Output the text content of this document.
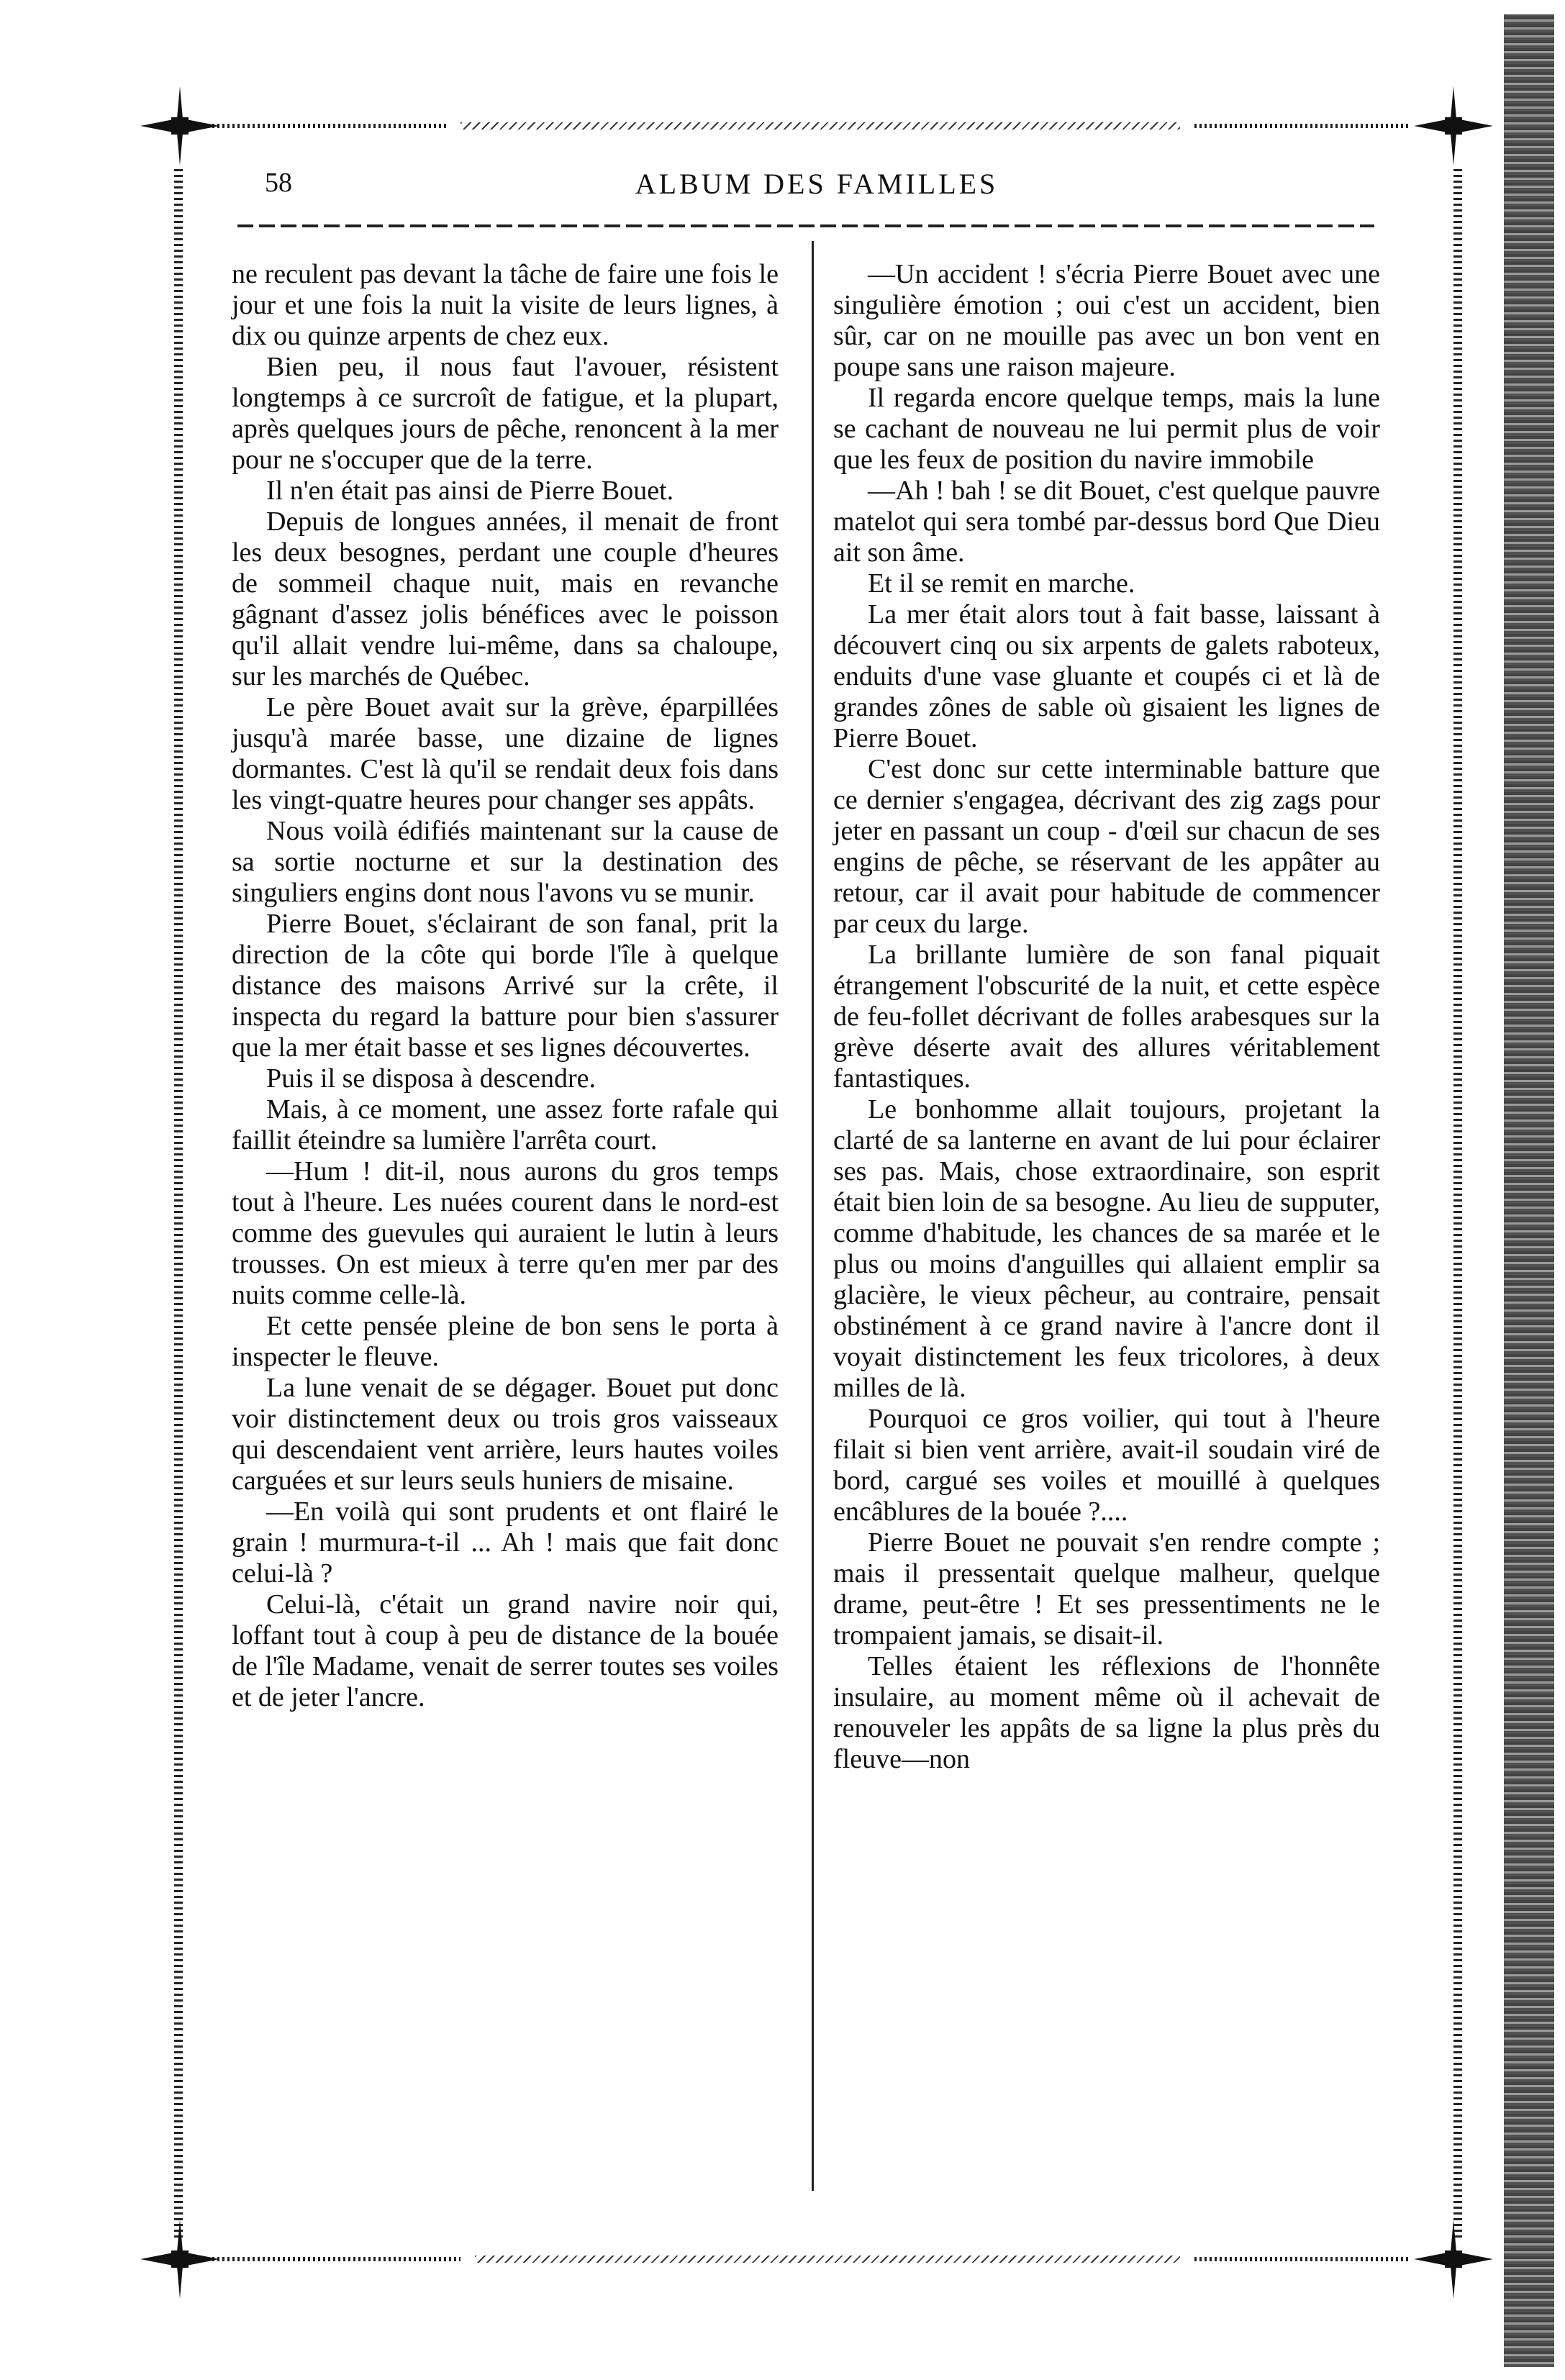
58	ALBUM DES FAMILLES

ne reculent pas devant la tâche de faire une fois le jour et une fois la nuit la visite de leurs lignes, à dix ou quinze arpents de chez eux.

Bien peu, il nous faut l'avouer, résistent longtemps à ce surcroît de fatigue, et la plupart, après quelques jours de pêche, renoncent à la mer pour ne s'occuper que de la terre.

Il n'en était pas ainsi de Pierre Bouet.

Depuis de longues années, il menait de front les deux besognes, perdant une couple d'heures de sommeil chaque nuit, mais en revanche gâgnant d'assez jolis bénéfices avec le poisson qu'il allait vendre lui-même, dans sa chaloupe, sur les marchés de Québec.

Le père Bouet avait sur la grève, éparpillées jusqu'à marée basse, une dizaine de lignes dormantes. C'est là qu'il se rendait deux fois dans les vingt-quatre heures pour changer ses appâts.

Nous voilà édifiés maintenant sur la cause de sa sortie nocturne et sur la destination des singuliers engins dont nous l'avons vu se munir.

Pierre Bouet, s'éclairant de son fanal, prit la direction de la côte qui borde l'île à quelque distance des maisons Arrivé sur la crête, il inspecta du regard la batture pour bien s'assurer que la mer était basse et ses lignes découvertes.

Puis il se disposa à descendre.

Mais, à ce moment, une assez forte rafale qui faillit éteindre sa lumière l'arrêta court.

—Hum ! dit-il, nous aurons du gros temps tout à l'heure. Les nuées courent dans le nord-est comme des guevules qui auraient le lutin à leurs trousses. On est mieux à terre qu'en mer par des nuits comme celle-là.

Et cette pensée pleine de bon sens le porta à inspecter le fleuve.

La lune venait de se dégager. Bouet put donc voir distinctement deux ou trois gros vaisseaux qui descendaient vent arrière, leurs hautes voiles carguées et sur leurs seuls huniers de misaine.

—En voilà qui sont prudents et ont flairé le grain ! murmura-t-il ... Ah ! mais que fait donc celui-là ?

Celui-là, c'était un grand navire noir qui, loffant tout à coup à peu de distance de la bouée de l'île Madame, venait de serrer toutes ses voiles et de jeter l'ancre.

—Un accident ! s'écria Pierre Bouet avec une singulière émotion ; oui c'est un accident, bien sûr, car on ne mouille pas avec un bon vent en poupe sans une raison majeure.

Il regarda encore quelque temps, mais la lune se cachant de nouveau ne lui permit plus de voir que les feux de position du navire immobile

—Ah ! bah ! se dit Bouet, c'est quelque pauvre matelot qui sera tombé par-dessus bord Que Dieu ait son âme.

Et il se remit en marche.

La mer était alors tout à fait basse, laissant à découvert cinq ou six arpents de galets raboteux, enduits d'une vase gluante et coupés ci et là de grandes zônes de sable où gisaient les lignes de Pierre Bouet.

C'est donc sur cette interminable batture que ce dernier s'engagea, décrivant des zig zags pour jeter en passant un coup - d'œil sur chacun de ses engins de pêche, se réservant de les appâter au retour, car il avait pour habitude de commencer par ceux du large.

La brillante lumière de son fanal piquait étrangement l'obscurité de la nuit, et cette espèce de feu-follet décrivant de folles arabesques sur la grève déserte avait des allures véritablement fantastiques.

Le bonhomme allait toujours, projetant la clarté de sa lanterne en avant de lui pour éclairer ses pas. Mais, chose extraordinaire, son esprit était bien loin de sa besogne. Au lieu de supputer, comme d'habitude, les chances de sa marée et le plus ou moins d'anguilles qui allaient emplir sa glacière, le vieux pêcheur, au contraire, pensait obstinément à ce grand navire à l'ancre dont il voyait distinctement les feux tricolores, à deux milles de là.

Pourquoi ce gros voilier, qui tout à l'heure filait si bien vent arrière, avait-il soudain viré de bord, cargué ses voiles et mouillé à quelques encâblures de la bouée ?....

Pierre Bouet ne pouvait s'en rendre compte ; mais il pressentait quelque malheur, quelque drame, peut-être ! Et ses pressentiments ne le trompaient jamais, se disait-il.

Telles étaient les réflexions de l'honnête insulaire, au moment même où il achevait de renouveler les appâts de sa ligne la plus près du fleuve—non
